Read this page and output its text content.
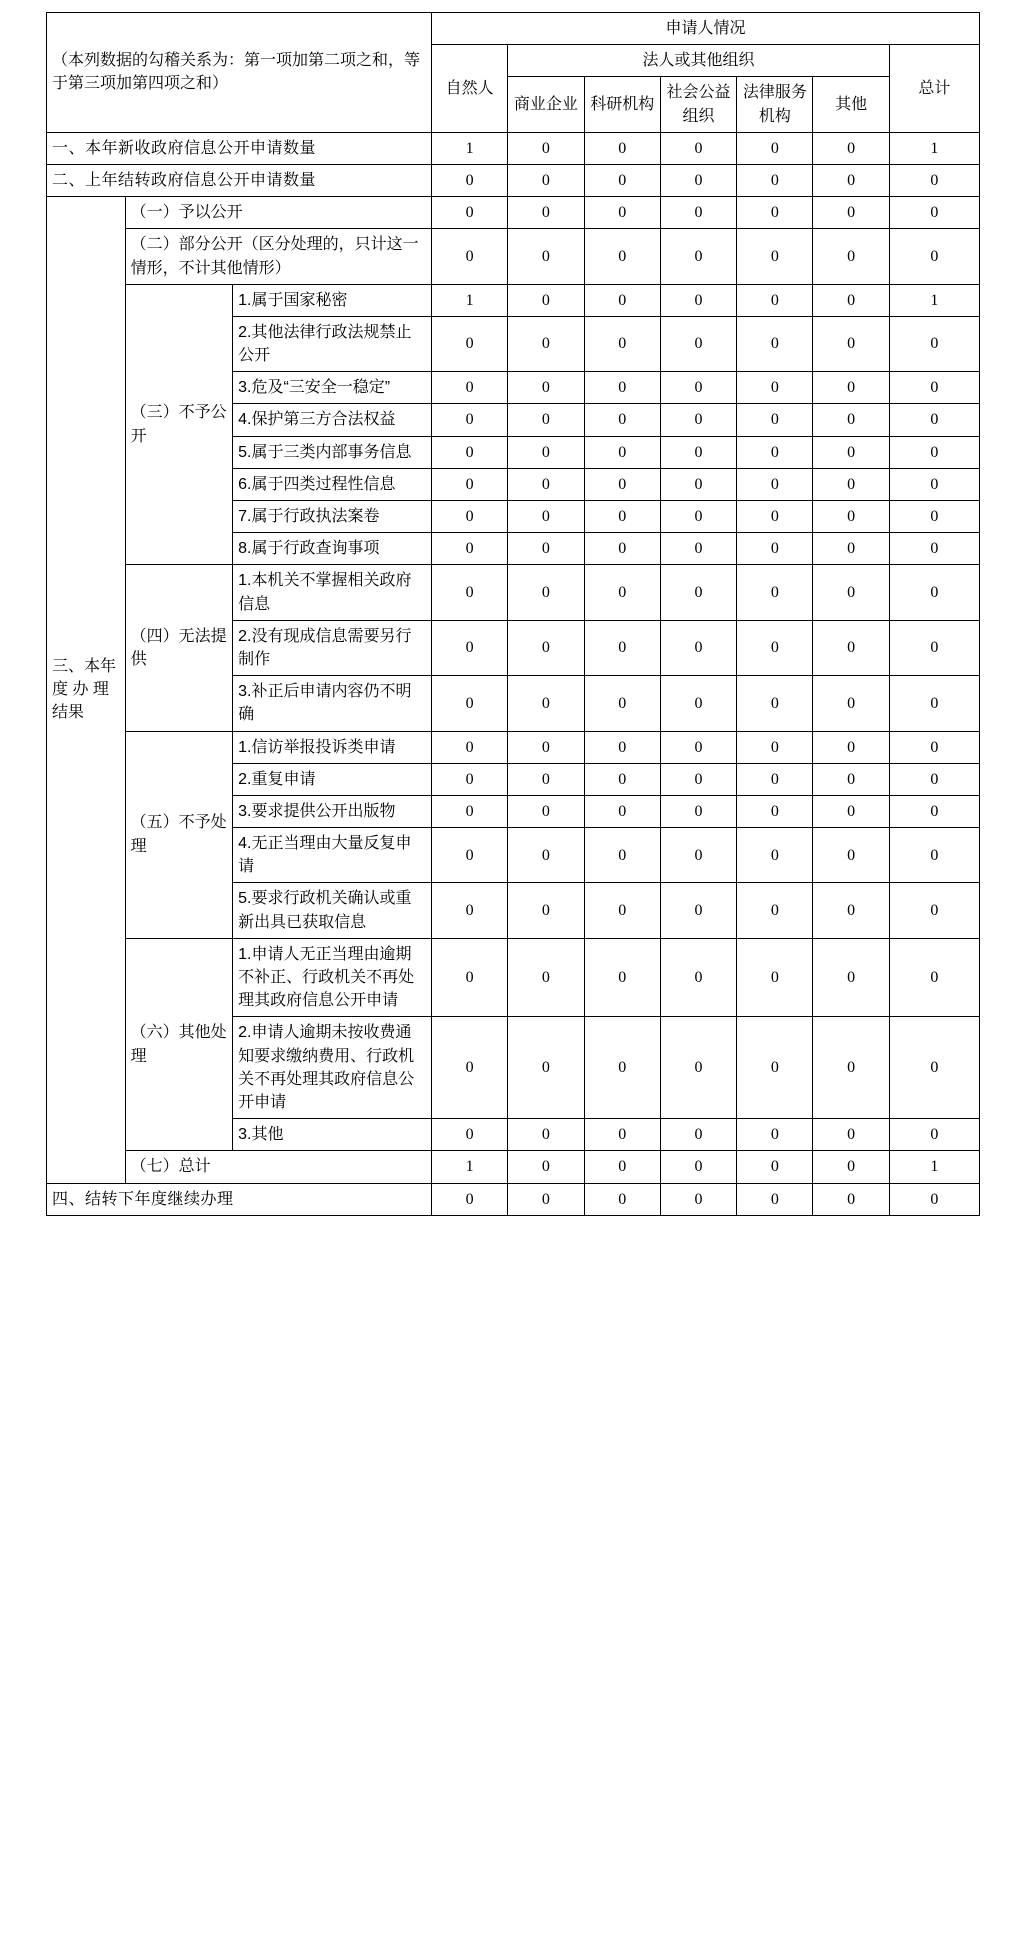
（本列数据的勾稽关系为：第一项加第二项之和，等于第三项加第四项之和）			申请人情况						
			自然人	法人或其他组织					总计
				商业企业	科研机构	社会公益组织	法律服务机构	其他	
一、本年新收政府信息公开申请数量			1	0	0	0	0	0	1
二、上年结转政府信息公开申请数量			0	0	0	0	0	0	0
三、本年度 办 理结果	（一）予以公开		0	0	0	0	0	0	0
	（二）部分公开（区分处理的，只计这一情形，不计其他情形）		0	0	0	0	0	0	0
	（三）不予公开	1.属于国家秘密	1	0	0	0	0	0	1
		2.其他法律行政法规禁止公开	0	0	0	0	0	0	0
		3.危及“三安全一稳定”	0	0	0	0	0	0	0
		4.保护第三方合法权益	0	0	0	0	0	0	0
		5.属于三类内部事务信息	0	0	0	0	0	0	0
		6.属于四类过程性信息	0	0	0	0	0	0	0
		7.属于行政执法案卷	0	0	0	0	0	0	0
		8.属于行政查询事项	0	0	0	0	0	0	0
	（四）无法提供	1.本机关不掌握相关政府信息	0	0	0	0	0	0	0
		2.没有现成信息需要另行制作	0	0	0	0	0	0	0
		3.补正后申请内容仍不明确	0	0	0	0	0	0	0
	（五）不予处理	1.信访举报投诉类申请	0	0	0	0	0	0	0
		2.重复申请	0	0	0	0	0	0	0
		3.要求提供公开出版物	0	0	0	0	0	0	0
		4.无正当理由大量反复申请	0	0	0	0	0	0	0
		5.要求行政机关确认或重新出具已获取信息	0	0	0	0	0	0	0
	（六）其他处理	1.申请人无正当理由逾期不补正、行政机关不再处理其政府信息公开申请	0	0	0	0	0	0	0
		2.申请人逾期未按收费通知要求缴纳费用、行政机关不再处理其政府信息公开申请	0	0	0	0	0	0	0
		3.其他	0	0	0	0	0	0	0
	（七）总计		1	0	0	0	0	0	1
四、结转下年度继续办理			0	0	0	0	0	0	0
